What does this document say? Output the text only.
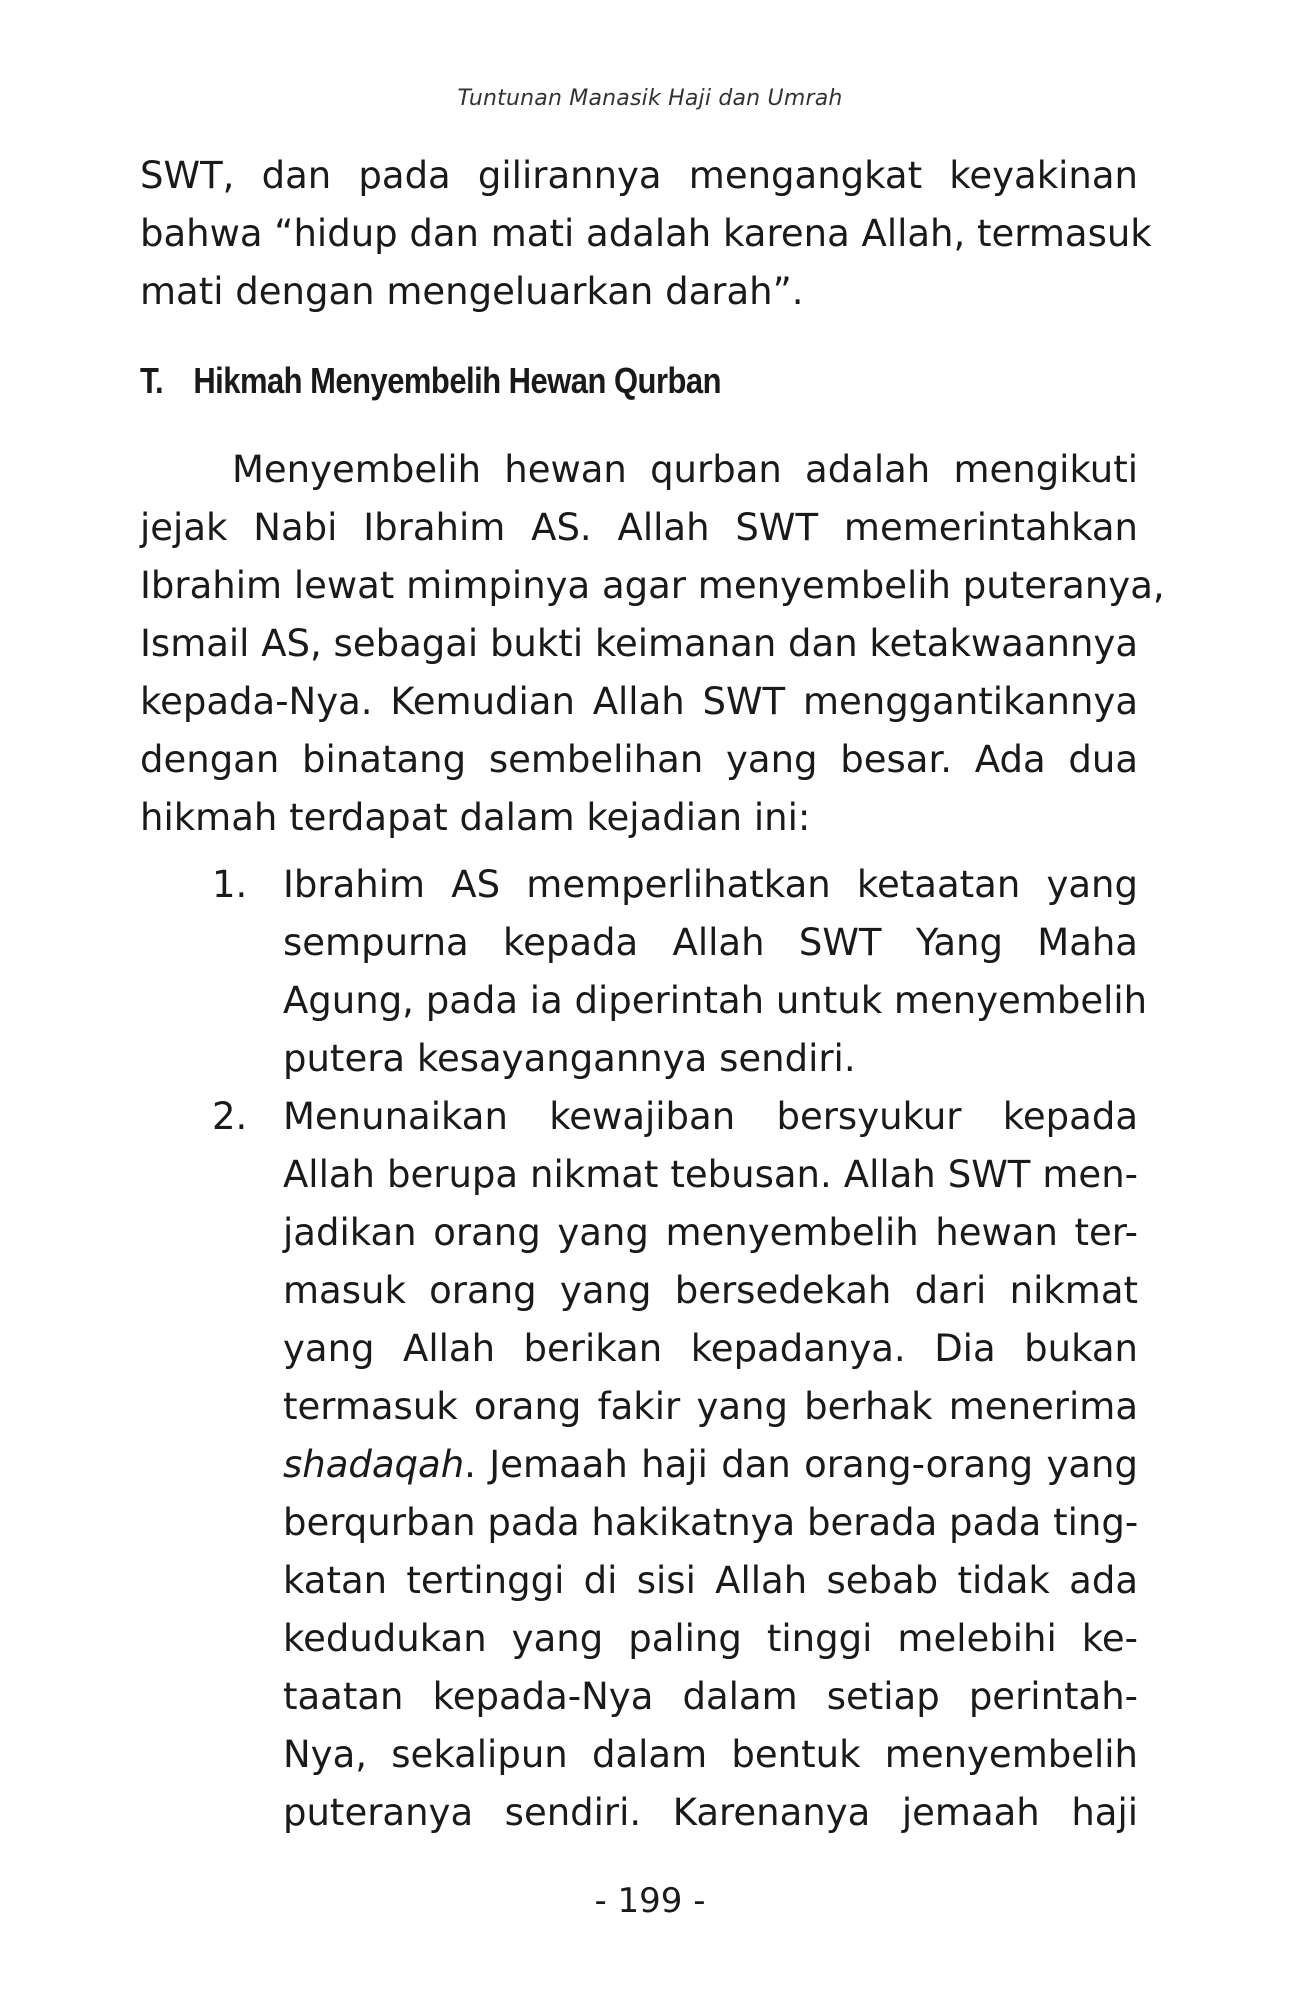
Tuntunan Manasik Haji dan Umrah
SWT, dan pada gilirannya mengangkat keyakinan
bahwa “hidup dan mati adalah karena Allah, termasuk
mati dengan mengeluarkan darah”.
T. Hikmah Menyembelih Hewan Qurban
Menyembelih hewan qurban adalah mengikuti
jejak Nabi Ibrahim AS. Allah SWT memerintahkan
Ibrahim lewat mimpinya agar menyembelih puteranya,
Ismail AS, sebagai bukti keimanan dan ketakwaannya
kepada-Nya. Kemudian Allah SWT menggantikannya
dengan binatang sembelihan yang besar. Ada dua
hikmah terdapat dalam kejadian ini:
1. Ibrahim AS memperlihatkan ketaatan yang
sempurna kepada Allah SWT Yang Maha
Agung, pada ia diperintah untuk menyembelih
putera kesayangannya sendiri.
2. Menunaikan kewajiban bersyukur kepada
Allah berupa nikmat tebusan. Allah SWT men-
jadikan orang yang menyembelih hewan ter-
masuk orang yang bersedekah dari nikmat
yang Allah berikan kepadanya. Dia bukan
termasuk orang fakir yang berhak menerima
shadaqah. Jemaah haji dan orang-orang yang
berqurban pada hakikatnya berada pada ting-
katan tertinggi di sisi Allah sebab tidak ada
kedudukan yang paling tinggi melebihi ke-
taatan kepada-Nya dalam setiap perintah-
Nya, sekalipun dalam bentuk menyembelih
puteranya sendiri. Karenanya jemaah haji
- 199 -
